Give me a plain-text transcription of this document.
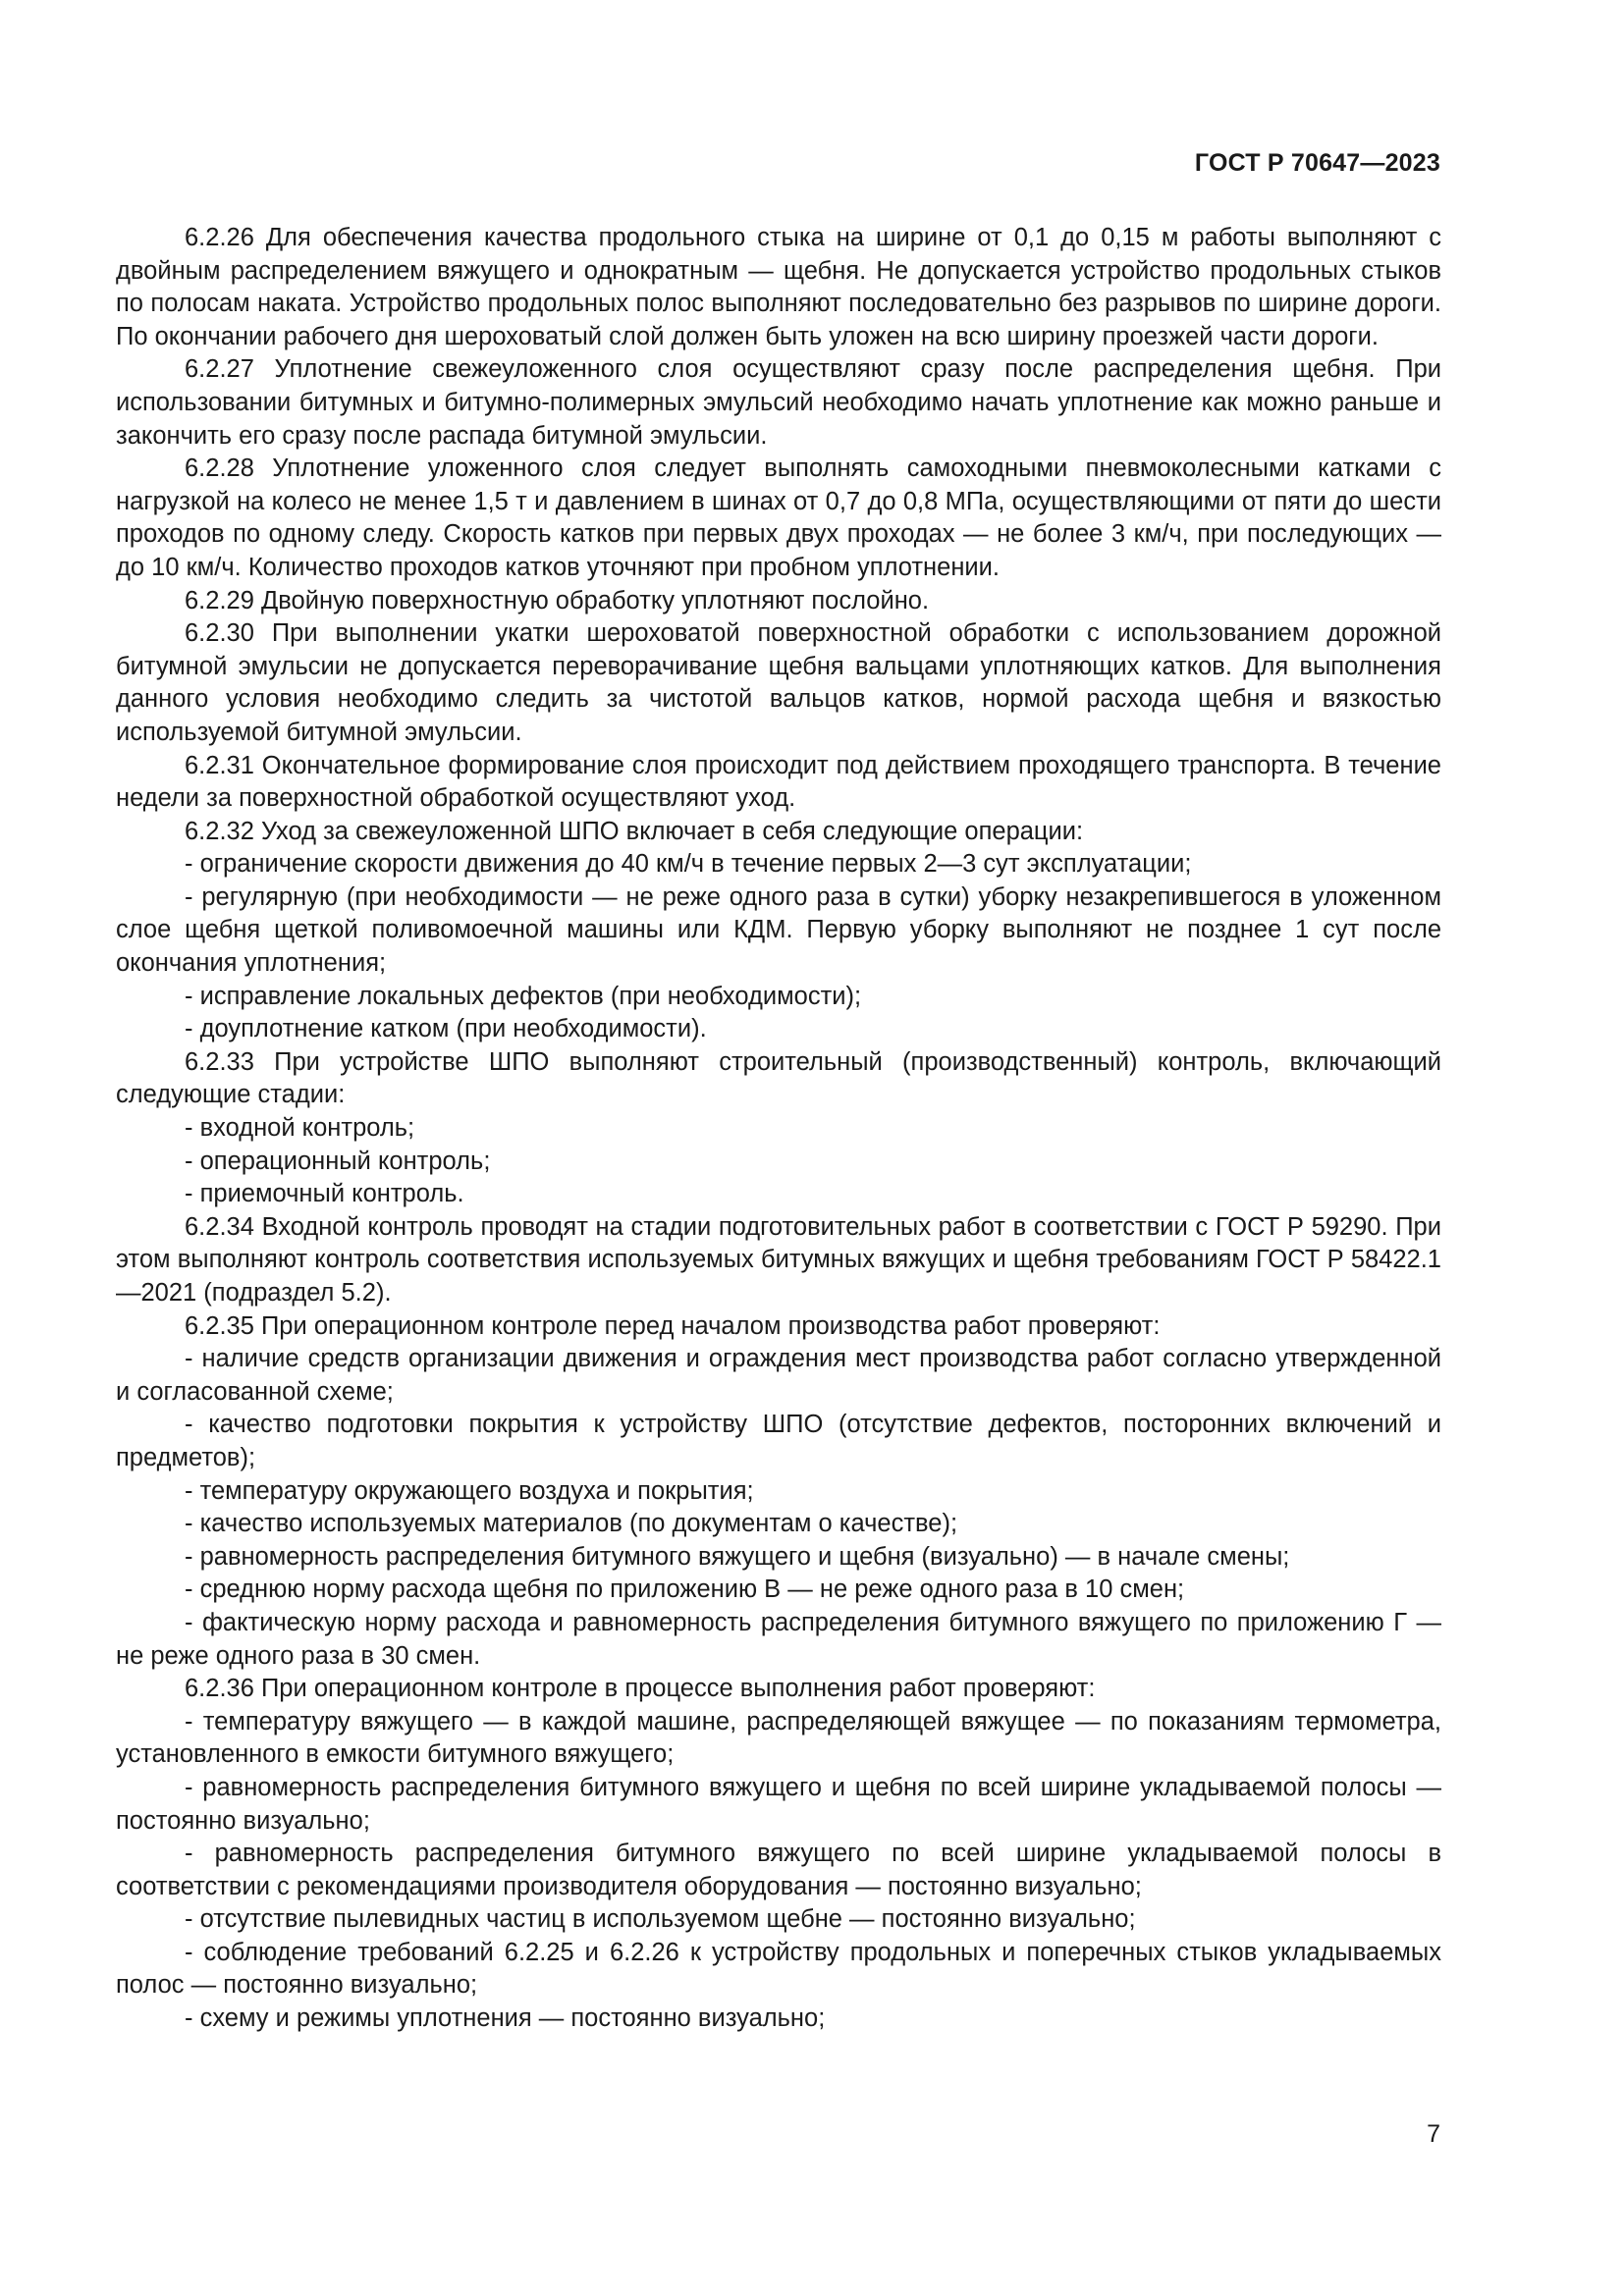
ГОСТ Р 70647—2023

6.2.26 Для обеспечения качества продольного стыка на ширине от 0,1 до 0,15 м работы выполняют с двойным распределением вяжущего и однократным — щебня. Не допускается устройство продольных стыков по полосам наката. Устройство продольных полос выполняют последовательно без разрывов по ширине дороги. По окончании рабочего дня шероховатый слой должен быть уложен на всю ширину проезжей части дороги.

6.2.27 Уплотнение свежеуложенного слоя осуществляют сразу после распределения щебня. При использовании битумных и битумно-полимерных эмульсий необходимо начать уплотнение как можно раньше и закончить его сразу после распада битумной эмульсии.

6.2.28 Уплотнение уложенного слоя следует выполнять самоходными пневмоколесными катками с нагрузкой на колесо не менее 1,5 т и давлением в шинах от 0,7 до 0,8 МПа, осуществляющими от пяти до шести проходов по одному следу. Скорость катков при первых двух проходах — не более 3 км/ч, при последующих — до 10 км/ч. Количество проходов катков уточняют при пробном уплотнении.

6.2.29 Двойную поверхностную обработку уплотняют послойно.

6.2.30 При выполнении укатки шероховатой поверхностной обработки с использованием дорожной битумной эмульсии не допускается переворачивание щебня вальцами уплотняющих катков. Для выполнения данного условия необходимо следить за чистотой вальцов катков, нормой расхода щебня и вязкостью используемой битумной эмульсии.

6.2.31 Окончательное формирование слоя происходит под действием проходящего транспорта. В течение недели за поверхностной обработкой осуществляют уход.

6.2.32 Уход за свежеуложенной ШПО включает в себя следующие операции:

- ограничение скорости движения до 40 км/ч в течение первых 2—3 сут эксплуатации;

- регулярную (при необходимости — не реже одного раза в сутки) уборку незакрепившегося в уложенном слое щебня щеткой поливомоечной машины или КДМ. Первую уборку выполняют не позднее 1 сут после окончания уплотнения;

- исправление локальных дефектов (при необходимости);

- доуплотнение катком (при необходимости).

6.2.33 При устройстве ШПО выполняют строительный (производственный) контроль, включающий следующие стадии:

- входной контроль;

- операционный контроль;

- приемочный контроль.

6.2.34 Входной контроль проводят на стадии подготовительных работ в соответствии с ГОСТ Р 59290. При этом выполняют контроль соответствия используемых битумных вяжущих и щебня требованиям ГОСТ Р 58422.1—2021 (подраздел 5.2).

6.2.35 При операционном контроле перед началом производства работ проверяют:

- наличие средств организации движения и ограждения мест производства работ согласно утвержденной и согласованной схеме;

- качество подготовки покрытия к устройству ШПО (отсутствие дефектов, посторонних включений и предметов);

- температуру окружающего воздуха и покрытия;

- качество используемых материалов (по документам о качестве);

- равномерность распределения битумного вяжущего и щебня (визуально) — в начале смены;

- среднюю норму расхода щебня по приложению В — не реже одного раза в 10 смен;

- фактическую норму расхода и равномерность распределения битумного вяжущего по приложению Г — не реже одного раза в 30 смен.

6.2.36 При операционном контроле в процессе выполнения работ проверяют:

- температуру вяжущего — в каждой машине, распределяющей вяжущее — по показаниям термометра, установленного в емкости битумного вяжущего;

- равномерность распределения битумного вяжущего и щебня по всей ширине укладываемой полосы — постоянно визуально;

- равномерность распределения битумного вяжущего по всей ширине укладываемой полосы в соответствии с рекомендациями производителя оборудования — постоянно визуально;

- отсутствие пылевидных частиц в используемом щебне — постоянно визуально;

- соблюдение требований 6.2.25 и 6.2.26 к устройству продольных и поперечных стыков укладываемых полос — постоянно визуально;

- схему и режимы уплотнения — постоянно визуально;

7
